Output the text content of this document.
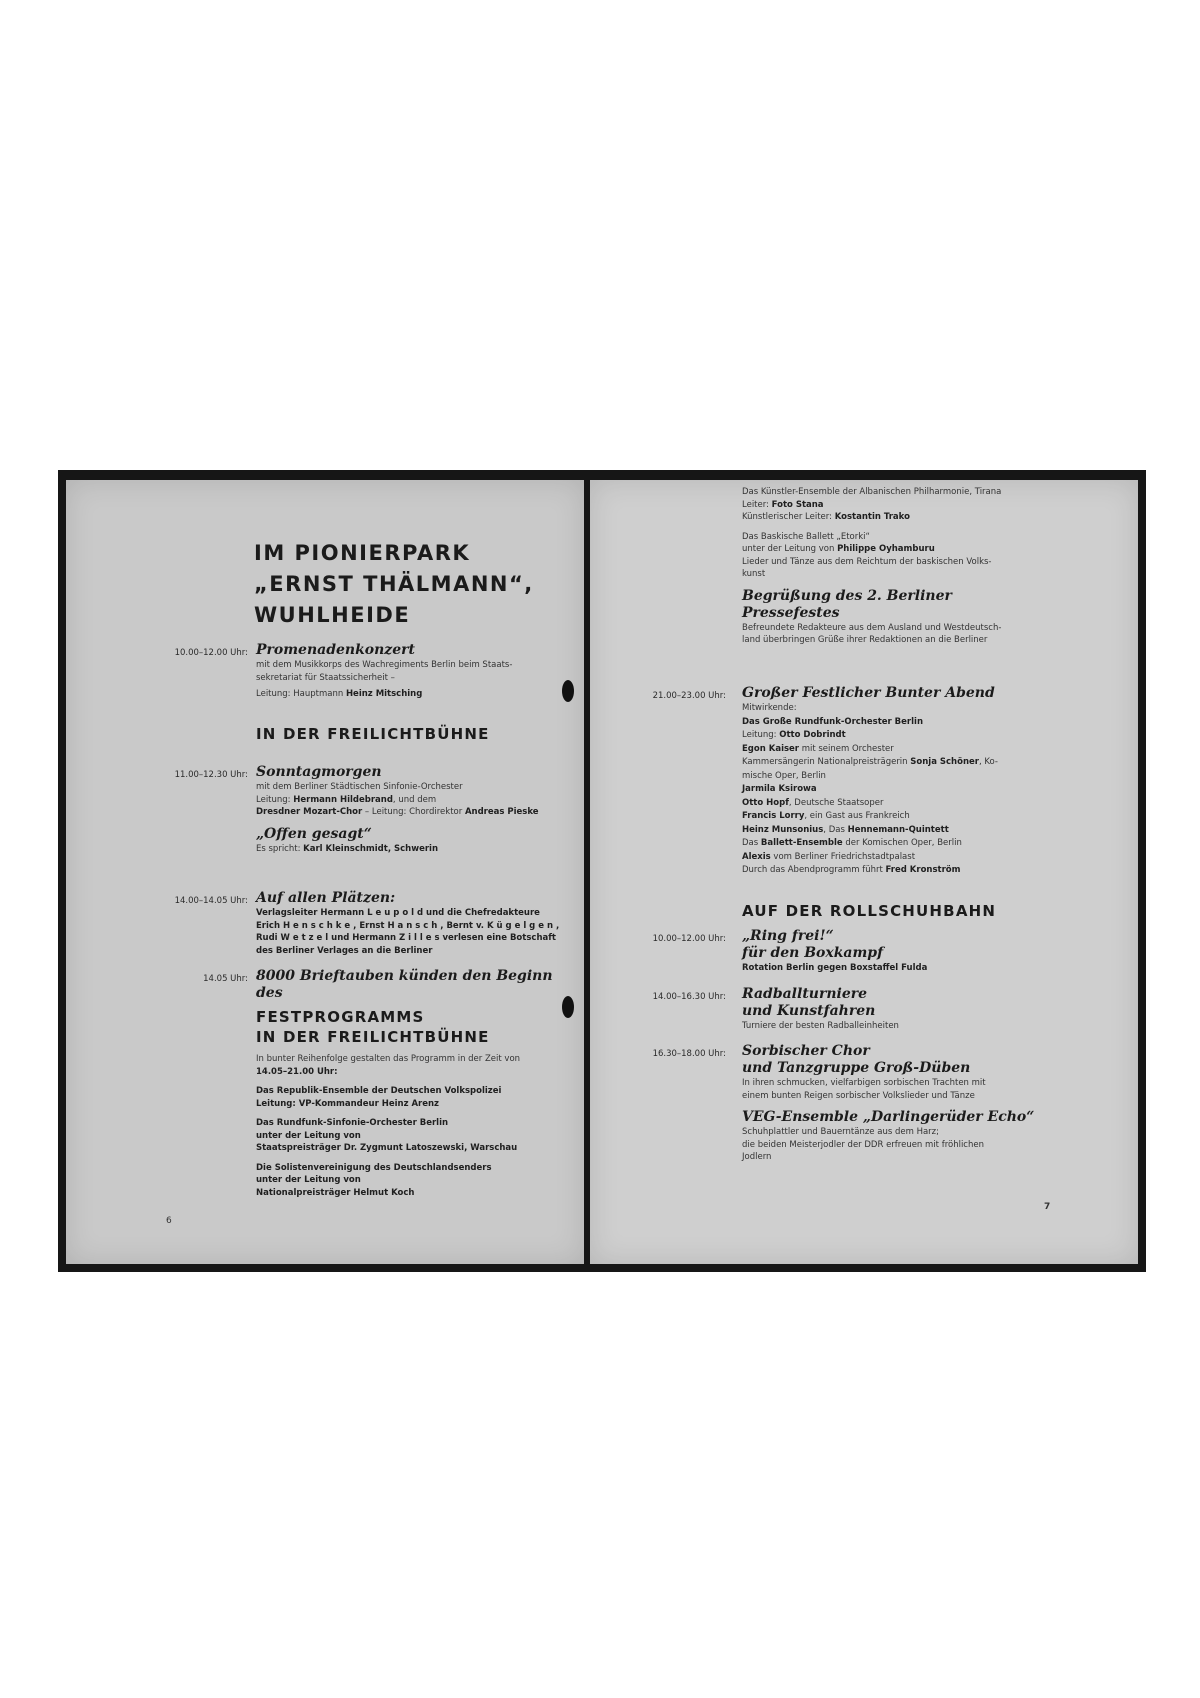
IM PIONIERPARK
„ERNST THÄLMANN“,
WUHLHEIDE
10.00–12.00 Uhr: Promenadenkonzert
mit dem Musikkorps des Wachregiments Berlin beim Staats-
sekretariat für Staatssicherheit –
Leitung: Hauptmann Heinz Mitsching
IN DER FREILICHTBÜHNE
11.00–12.30 Uhr: Sonntagmorgen
mit dem Berliner Städtischen Sinfonie-Orchester
Leitung: Hermann Hildebrand, und dem
Dresdner Mozart-Chor – Leitung: Chordirektor Andreas Pieske
„Offen gesagt“
Es spricht: Karl Kleinschmidt, Schwerin
14.00–14.05 Uhr: Auf allen Plätzen:
Verlagsleiter Hermann L e u p o l d und die Chefredakteure
Erich H e n s c h k e , Ernst H a n s c h , Bernt v. K ü g e l g e n ,
Rudi W e t z e l und Hermann Z i l l e s verlesen eine Botschaft
des Berliner Verlages an die Berliner
14.05 Uhr: 8000 Brieftauben künden den Beginn des
FESTPROGRAMMS
IN DER FREILICHTBÜHNE
In bunter Reihenfolge gestalten das Programm in der Zeit von
14.05–21.00 Uhr:
Das Republik-Ensemble der Deutschen Volkspolizei
Leitung: VP-Kommandeur Heinz Arenz
Das Rundfunk-Sinfonie-Orchester Berlin
unter der Leitung von
Staatspreisträger Dr. Zygmunt Latoszewski, Warschau
Die Solistenvereinigung des Deutschlandsenders
unter der Leitung von
Nationalpreisträger Helmut Koch
6
Das Künstler-Ensemble der Albanischen Philharmonie, Tirana
Leiter: Foto Stana
Künstlerischer Leiter: Kostantin Trako
Das Baskische Ballett „Etorki“
unter der Leitung von Philippe Oyhamburu
Lieder und Tänze aus dem Reichtum der baskischen Volks-
kunst
Begrüßung des 2. Berliner Pressefestes
Befreundete Redakteure aus dem Ausland und Westdeutsch-
land überbringen Grüße ihrer Redaktionen an die Berliner
21.00–23.00 Uhr: Großer Festlicher Bunter Abend
Mitwirkende:
Das Große Rundfunk-Orchester Berlin
Leitung: Otto Dobrindt
Egon Kaiser mit seinem Orchester
Kammersängerin Nationalpreisträgerin Sonja Schöner, Ko-
mische Oper, Berlin
Jarmila Ksirowa
Otto Hopf, Deutsche Staatsoper
Francis Lorry, ein Gast aus Frankreich
Heinz Munsonius, Das Hennemann-Quintett
Das Ballett-Ensemble der Komischen Oper, Berlin
Alexis vom Berliner Friedrichstadtpalast
Durch das Abendprogramm führt Fred Kronström
AUF DER ROLLSCHUHBAHN
10.00–12.00 Uhr: „Ring frei!“
für den Boxkampf
Rotation Berlin gegen Boxstaffel Fulda
14.00–16.30 Uhr: Radballturniere
und Kunstfahren
Turniere der besten Radballeinheiten
16.30–18.00 Uhr: Sorbischer Chor
und Tanzgruppe Groß-Düben
In ihren schmucken, vielfarbigen sorbischen Trachten mit
einem bunten Reigen sorbischer Volkslieder und Tänze
VEG-Ensemble „Darlingerüder Echo“
Schuhplattler und Bauerntänze aus dem Harz;
die beiden Meisterjodler der DDR erfreuen mit fröhlichen
Jodlern
7
